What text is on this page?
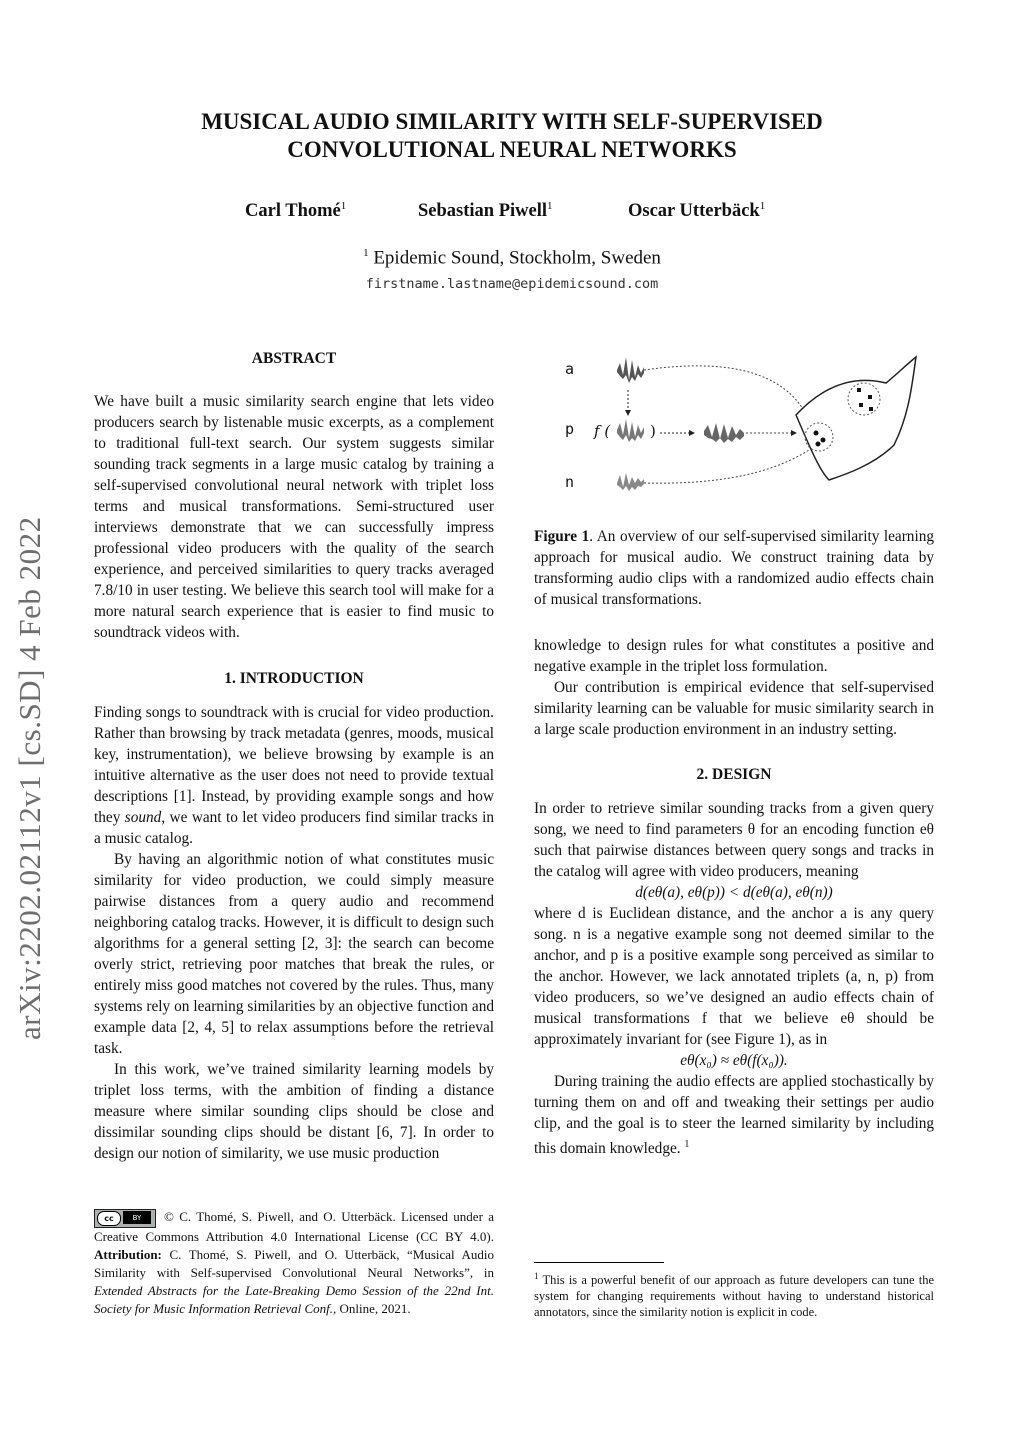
arXiv:2202.02112v1 [cs.SD] 4 Feb 2022
MUSICAL AUDIO SIMILARITY WITH SELF-SUPERVISED CONVOLUTIONAL NEURAL NETWORKS
Carl Thomé$^1$	Sebastian Piwell$^1$	Oscar Utterbäck$^1$
$^1$ Epidemic Sound, Stockholm, Sweden
firstname.lastname@epidemicsound.com

ABSTRACT

We have built a music similarity search engine that lets video producers search by listenable music excerpts, as a complement to traditional full-text search. Our system suggests similar sounding track segments in a large music catalog by training a self-supervised convolutional neural network with triplet loss terms and musical transformations. Semi-structured user interviews demonstrate that we can successfully impress professional video producers with the quality of the search experience, and perceived similarities to query tracks averaged 7.8/10 in user testing. We believe this search tool will make for a more natural search experience that is easier to find music to soundtrack videos with.

1. INTRODUCTION

Finding songs to soundtrack with is crucial for video production. Rather than browsing by track metadata (genres, moods, musical key, instrumentation), we believe browsing by example is an intuitive alternative as the user does not need to provide textual descriptions [1]. Instead, by providing example songs and how they sound, we want to let video producers find similar tracks in a music catalog.

By having an algorithmic notion of what constitutes music similarity for video production, we could simply measure pairwise distances from a query audio and recommend neighboring catalog tracks. However, it is difficult to design such algorithms for a general setting [2, 3]: the search can become overly strict, retrieving poor matches that break the rules, or entirely miss good matches not covered by the rules. Thus, many systems rely on learning similarities by an objective function and example data [2, 4, 5] to relax assumptions before the retrieval task.

In this work, we’ve trained similarity learning models by triplet loss terms, with the ambition of finding a distance measure where similar sounding clips should be close and dissimilar sounding clips should be distant [6, 7]. In order to design our notion of similarity, we use music production

cc	BY	© C. Thomé, S. Piwell, and O. Utterbäck. Licensed under a Creative Commons Attribution 4.0 International License (CC BY 4.0). Attribution: C. Thomé, S. Piwell, and O. Utterbäck, “Musical Audio Similarity with Self-supervised Convolutional Neural Networks”, in Extended Abstracts for the Late-Breaking Demo Session of the 22nd Int. Society for Music Information Retrieval Conf., Online, 2021.
a
p
n
f (	)
Figure 1. An overview of our self-supervised similarity learning approach for musical audio. We construct training data by transforming audio clips with a randomized audio effects chain of musical transformations.

knowledge to design rules for what constitutes a positive and negative example in the triplet loss formulation.

Our contribution is empirical evidence that self-supervised similarity learning can be valuable for music similarity search in a large scale production environment in an industry setting.

2. DESIGN

In order to retrieve similar sounding tracks from a given query song, we need to find parameters θ for an encoding function eθ such that pairwise distances between query songs and tracks in the catalog will agree with video producers, meaning

d(eθ(a), eθ(p)) < d(eθ(a), eθ(n))

where d is Euclidean distance, and the anchor a is any query song. n is a negative example song not deemed similar to the anchor, and p is a positive example song perceived as similar to the anchor. However, we lack annotated triplets (a, n, p) from video producers, so we’ve designed an audio effects chain of musical transformations f that we believe eθ should be approximately invariant for (see Figure 1), as in

eθ(x₀) ≈ eθ(f(x₀)).

During training the audio effects are applied stochastically by turning them on and off and tweaking their settings per audio clip, and the goal is to steer the learned similarity by including this domain knowledge. $^1$

$^1$ This is a powerful benefit of our approach as future developers can tune the system for changing requirements without having to understand historical annotators, since the similarity notion is explicit in code.
